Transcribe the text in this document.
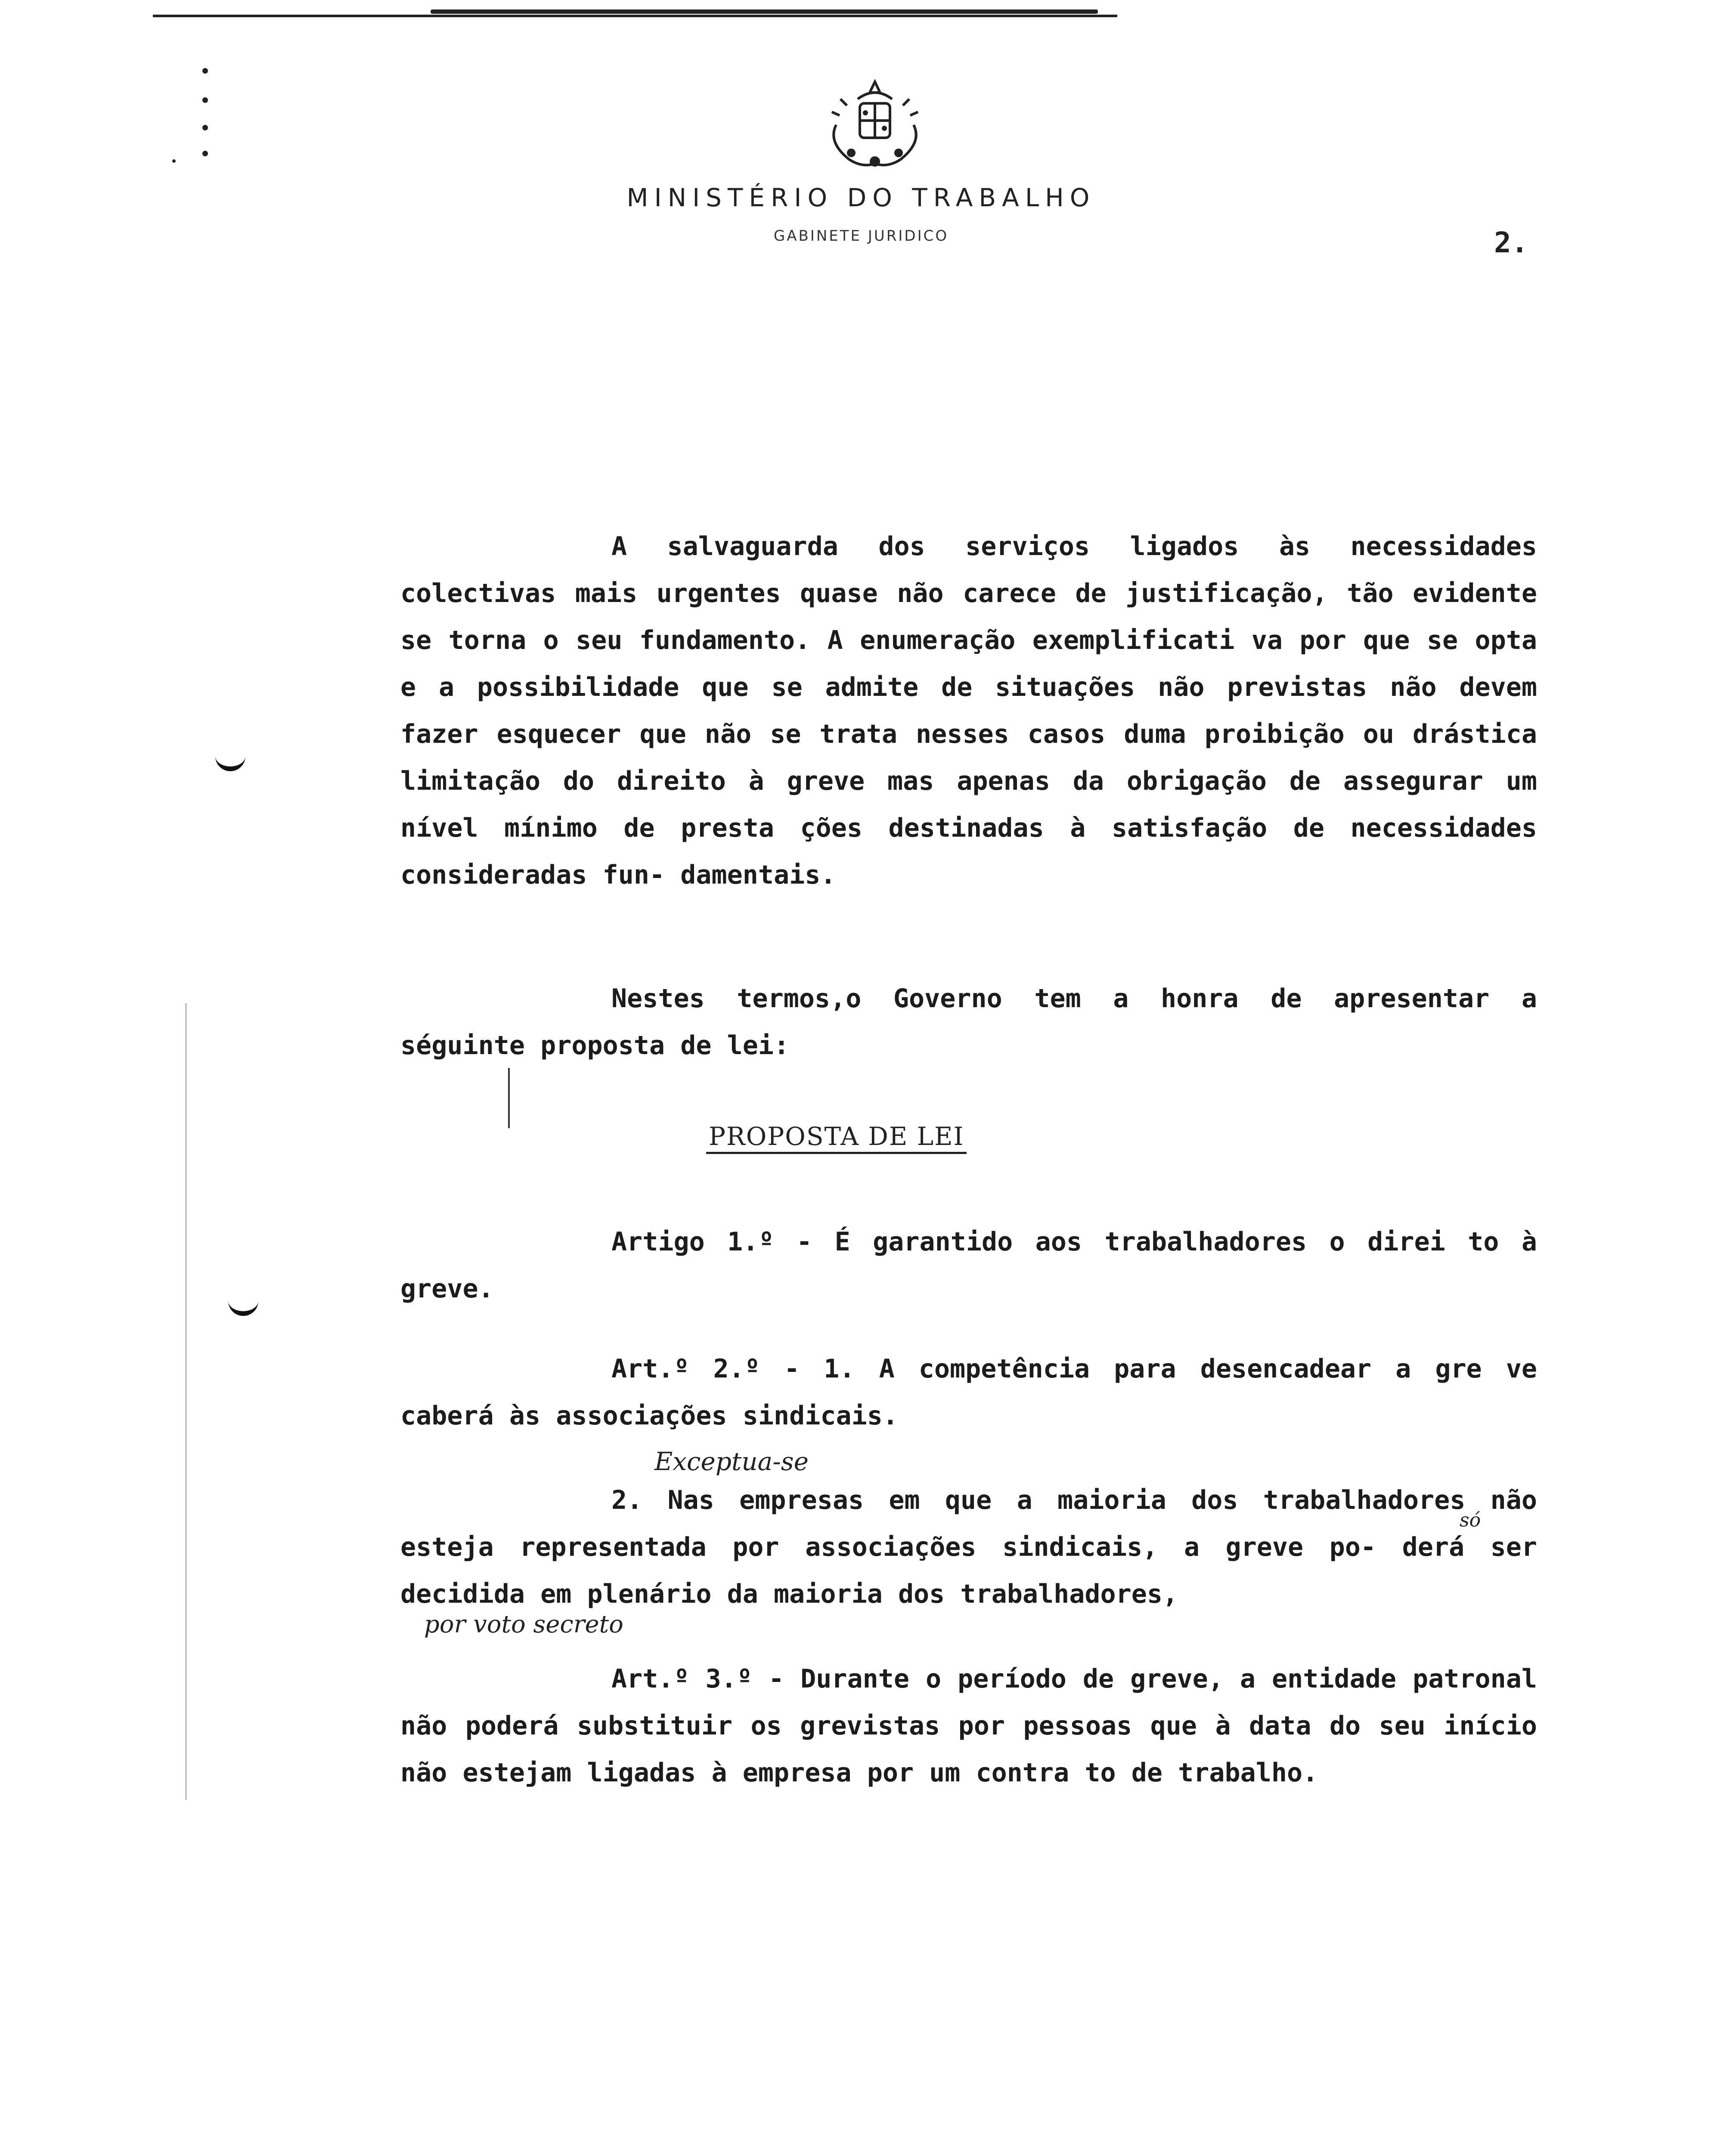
MINISTÉRIO DO TRABALHO
GABINETE JURIDICO	2.

A salvaguarda dos serviços ligados às necessidades colectivas mais urgentes quase não carece de justificação, tão evidente se torna o seu fundamento. A enumeração exemplificati va por que se opta e a possibilidade que se admite de situações não previstas não devem fazer esquecer que não se trata nesses casos duma proibição ou drástica limitação do direito à greve mas apenas da obrigação de assegurar um nível mínimo de presta ções destinadas à satisfação de necessidades consideradas fun- damentais.

Nestes termos,o Governo tem a honra de apresentar a séguinte proposta de lei:

PROPOSTA DE LEI

Artigo 1.º - É garantido aos trabalhadores o direi to à greve.

Art.º 2.º - 1. A competência para desencadear a gre ve caberá às associações sindicais.

Exceptua-se

2. Nas empresas em que a maioria dos trabalhadores não esteja representada por associações sindicais, a greve po- derá ser decidida em plenário da maioria dos trabalhadores,

só
por voto secreto

Art.º 3.º - Durante o período de greve, a entidade patronal não poderá substituir os grevistas por pessoas que à data do seu início não estejam ligadas à empresa por um contra to de trabalho.
